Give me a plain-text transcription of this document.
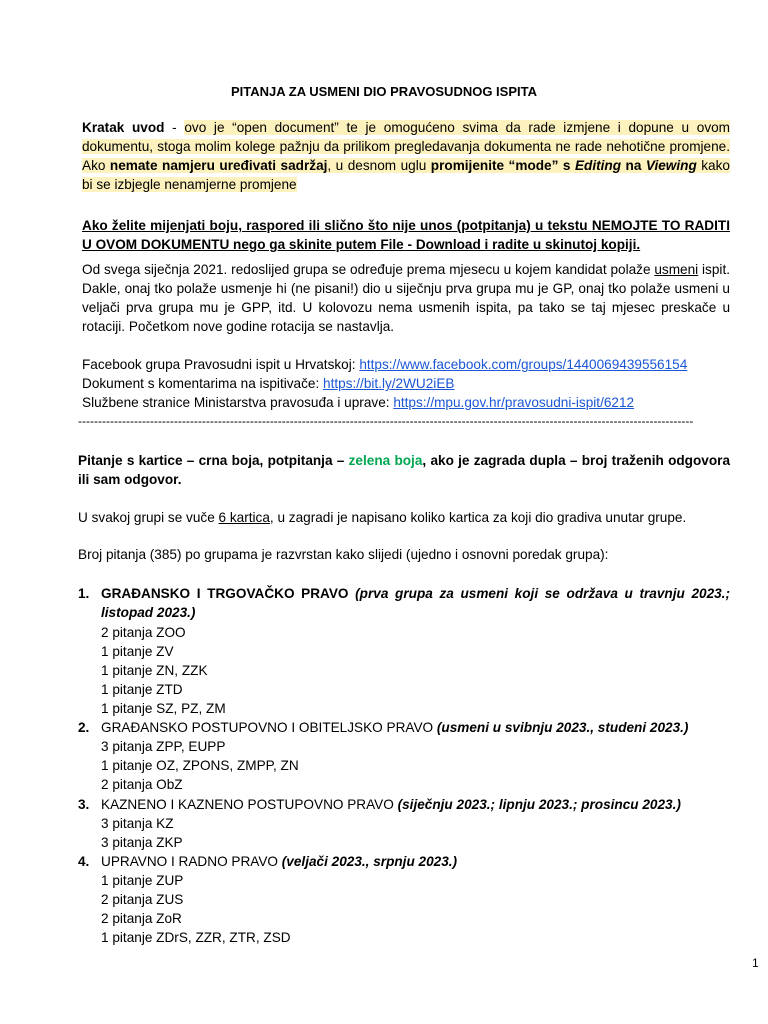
PITANJA ZA USMENI DIO PRAVOSUDNOG ISPITA
Kratak uvod - ovo je “open document” te je omogućeno svima da rade izmjene i dopune u ovom dokumentu, stoga molim kolege pažnju da prilikom pregledavanja dokumenta ne rade nehotične promjene. Ako nemate namjeru uređivati sadržaj, u desnom uglu promijenite “mode” s Editing na Viewing kako bi se izbjegle nenamjerne promjene
Ako želite mijenjati boju, raspored ili slično što nije unos (potpitanja) u tekstu NEMOJTE TO RADITI U OVOM DOKUMENTU nego ga skinite putem File - Download i radite u skinutoj kopiji.
Od svega siječnja 2021. redoslijed grupa se određuje prema mjesecu u kojem kandidat polaže usmeni ispit. Dakle, onaj tko polaže usmenje hi (ne pisani!) dio u siječnju prva grupa mu je GP, onaj tko polaže usmeni u veljači prva grupa mu je GPP, itd. U kolovozu nema usmenih ispita, pa tako se taj mjesec preskače u rotaciji. Početkom nove godine rotacija se nastavlja.
Facebook grupa Pravosudni ispit u Hrvatskoj: https://www.facebook.com/groups/1440069439556154
Dokument s komentarima na ispitivače: https://bit.ly/2WU2iEB
Službene stranice Ministarstva pravosuđa i uprave: https://mpu.gov.hr/pravosudni-ispit/6212
----------------------------------------------------------------------------------------------------------------------------------------------------------
Pitanje s kartice – crna boja, potpitanja – zelena boja, ako je zagrada dupla – broj traženih odgovora ili sam odgovor.
U svakoj grupi se vuče 6 kartica, u zagradi je napisano koliko kartica za koji dio gradiva unutar grupe.
Broj pitanja (385) po grupama je razvrstan kako slijedi (ujedno i osnovni poredak grupa):
1. GRAĐANSKO I TRGOVAČKO PRAVO (prva grupa za usmeni koji se održava u travnju 2023.; listopad 2023.)
2 pitanja ZOO
1 pitanje ZV
1 pitanje ZN, ZZK
1 pitanje ZTD
1 pitanje SZ, PZ, ZM
2. GRAĐANSKO POSTUPOVNO I OBITELJSKO PRAVO (usmeni u svibnju 2023., studeni 2023.)
3 pitanja ZPP, EUPP
1 pitanje OZ, ZPONS, ZMPP, ZN
2 pitanja ObZ
3. KAZNENO I KAZNENO POSTUPOVNO PRAVO (siječnju 2023.; lipnju 2023.; prosincu 2023.)
3 pitanja KZ
3 pitanja ZKP
4. UPRAVNO I RADNO PRAVO (veljači 2023., srpnju 2023.)
1 pitanje ZUP
2 pitanja ZUS
2 pitanja ZoR
1 pitanje ZDrS, ZZR, ZTR, ZSD
1
